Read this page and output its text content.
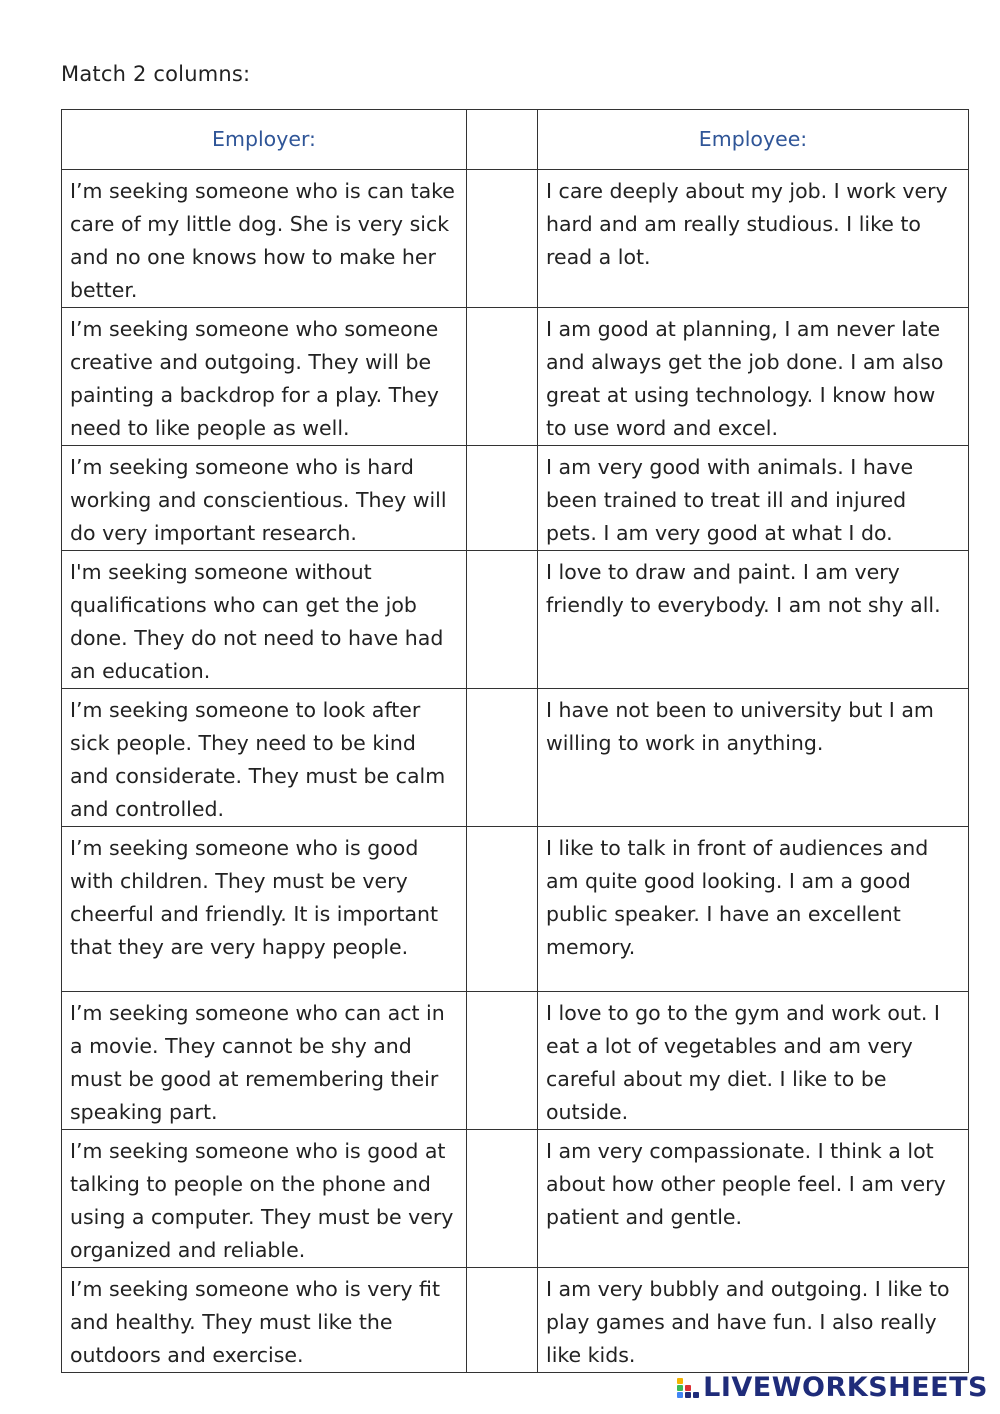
Match 2 columns:
Employer:		Employee:
I’m seeking someone who is can take care of my little dog. She is very sick and no one knows how to make her better.		I care deeply about my job. I work very hard and am really studious. I like to read a lot.
I’m seeking someone who someone creative and outgoing. They will be painting a backdrop for a play. They need to like people as well.		I am good at planning, I am never late and always get the job done. I am also great at using technology. I know how to use word and excel.
I’m seeking someone who is hard working and conscientious. They will do very important research.		I am very good with animals. I have been trained to treat ill and injured pets. I am very good at what I do.
I'm seeking someone without qualifications who can get the job done. They do not need to have had an education.		I love to draw and paint. I am very friendly to everybody. I am not shy all.
I’m seeking someone to look after sick people. They need to be kind and considerate. They must be calm and controlled.		I have not been to university but I am willing to work in anything.
I’m seeking someone who is good with children. They must be very cheerful and friendly. It is important that they are very happy people.		I like to talk in front of audiences and am quite good looking. I am a good public speaker. I have an excellent memory.
I’m seeking someone who can act in a movie. They cannot be shy and must be good at remembering their speaking part.		I love to go to the gym and work out. I eat a lot of vegetables and am very careful about my diet. I like to be outside.
I’m seeking someone who is good at talking to people on the phone and using a computer. They must be very organized and reliable.		I am very compassionate. I think a lot about how other people feel. I am very patient and gentle.
I’m seeking someone who is very fit and healthy. They must like the outdoors and exercise.		I am very bubbly and outgoing. I like to play games and have fun. I also really like kids.
LIVEWORKSHEETS
